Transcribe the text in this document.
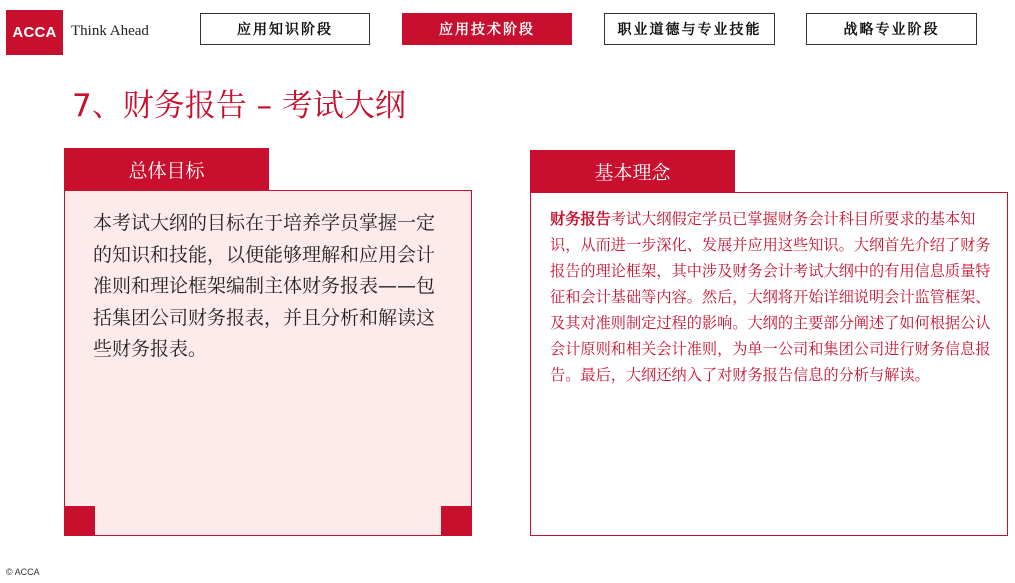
ACCA Think Ahead	应用知识阶段	应用技术阶段	职业道德与专业技能	战略专业阶段
7、财务报告 – 考试大纲
总体目标
本考试大纲的目标在于培养学员掌握一定的知识和技能，以便能够理解和应用会计准则和理论框架编制主体财务报表——包括集团公司财务报表，并且分析和解读这些财务报表。
基本理念
财务报告考试大纲假定学员已掌握财务会计科目所要求的基本知识，从而进一步深化、发展并应用这些知识。大纲首先介绍了财务报告的理论框架，其中涉及财务会计考试大纲中的有用信息质量特征和会计基础等内容。然后，大纲将开始详细说明会计监管框架、及其对准则制定过程的影响。大纲的主要部分阐述了如何根据公认会计原则和相关会计准则，为单一公司和集团公司进行财务信息报告。最后，大纲还纳入了对财务报告信息的分析与解读。
© ACCA
